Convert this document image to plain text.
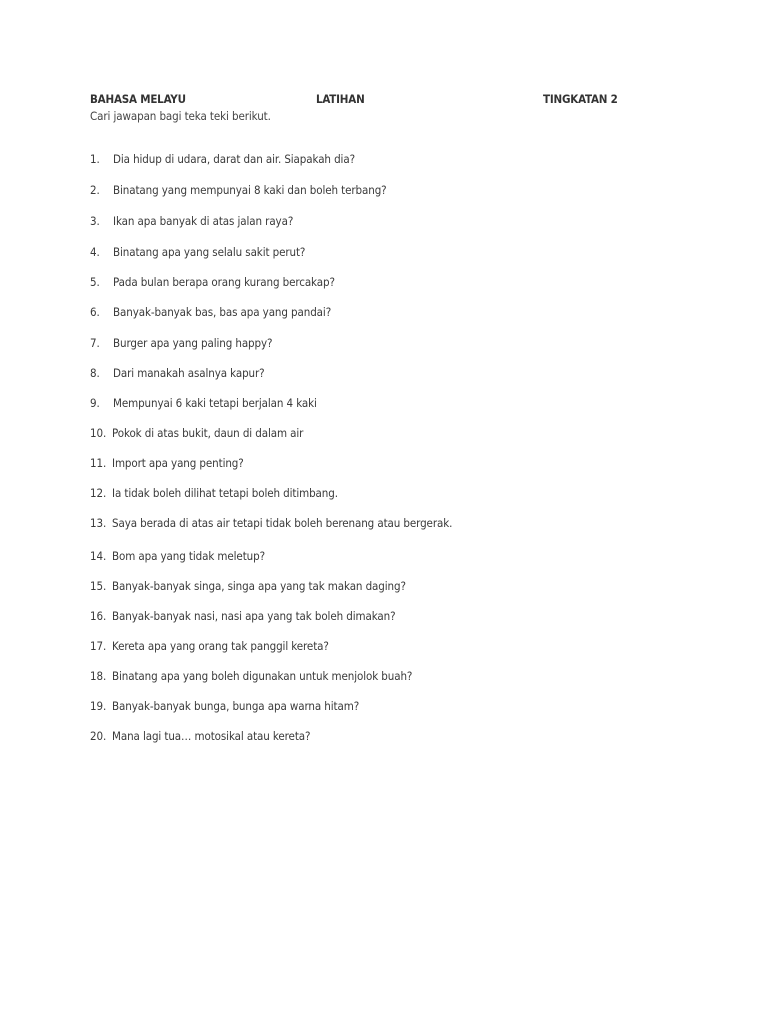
BAHASA MELAYU	LATIHAN	TINGKATAN 2
Cari jawapan bagi teka teki berikut.
1. Dia hidup di udara, darat dan air. Siapakah dia?
2. Binatang yang mempunyai 8 kaki dan boleh terbang?
3. Ikan apa banyak di atas jalan raya?
4. Binatang apa yang selalu sakit perut?
5. Pada bulan berapa orang kurang bercakap?
6. Banyak-banyak bas, bas apa yang pandai?
7. Burger apa yang paling happy?
8. Dari manakah asalnya kapur?
9. Mempunyai 6 kaki tetapi berjalan 4 kaki
10. Pokok di atas bukit, daun di dalam air
11. Import apa yang penting?
12. Ia tidak boleh dilihat tetapi boleh ditimbang.
13. Saya berada di atas air tetapi tidak boleh berenang atau bergerak.
14. Bom apa yang tidak meletup?
15. Banyak-banyak singa, singa apa yang tak makan daging?
16. Banyak-banyak nasi, nasi apa yang tak boleh dimakan?
17. Kereta apa yang orang tak panggil kereta?
18. Binatang apa yang boleh digunakan untuk menjolok buah?
19. Banyak-banyak bunga, bunga apa warna hitam?
20. Mana lagi tua… motosikal atau kereta?
